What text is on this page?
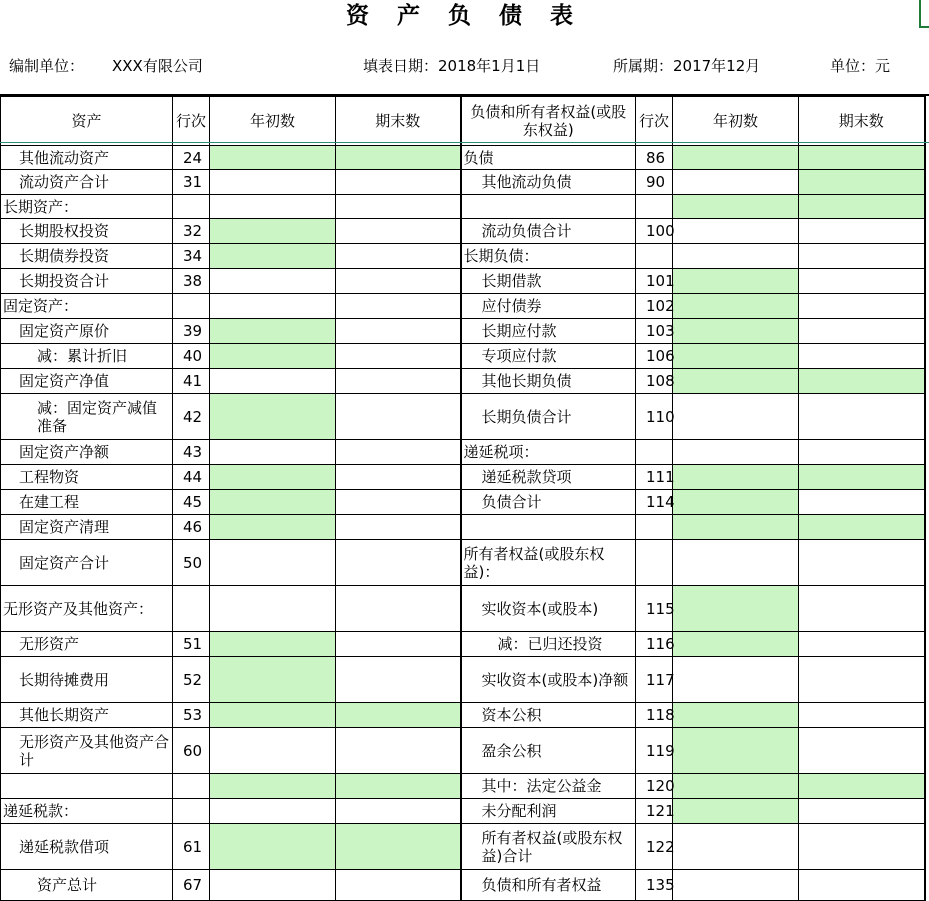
资 产 负 债 表
编制单位： XXX有限公司	填表日期：2018年1月1日	所属期：2017年12月	单位：元
资产	行次	年初数	期末数	负债和所有者权益(或股东权益)	行次	年初数	期末数
其他流动资产	24			负债	86		
流动资产合计	31			其他流动负债	90		
长期资产：							
长期股权投资	32			流动负债合计	100		
长期债券投资	34			长期负债：			
长期投资合计	38			长期借款	101		
固定资产：				应付债券	102		
固定资产原价	39			长期应付款	103		
减：累计折旧	40			专项应付款	106		
固定资产净值	41			其他长期负债	108		
减：固定资产减值准备	42			长期负债合计	110		
固定资产净额	43			递延税项：			
工程物资	44			递延税款贷项	111		
在建工程	45			负债合计	114		
固定资产清理	46						
固定资产合计	50			所有者权益(或股东权益)：			
无形资产及其他资产：				实收资本(或股本)	115		
无形资产	51			减：已归还投资	116		
长期待摊费用	52			实收资本(或股本)净额	117		
其他长期资产	53			资本公积	118		
无形资产及其他资产合计	60			盈余公积	119		
				其中：法定公益金	120		
递延税款：				未分配利润	121		
递延税款借项	61			所有者权益(或股东权益)合计	122		
资产总计	67			负债和所有者权益	135		
